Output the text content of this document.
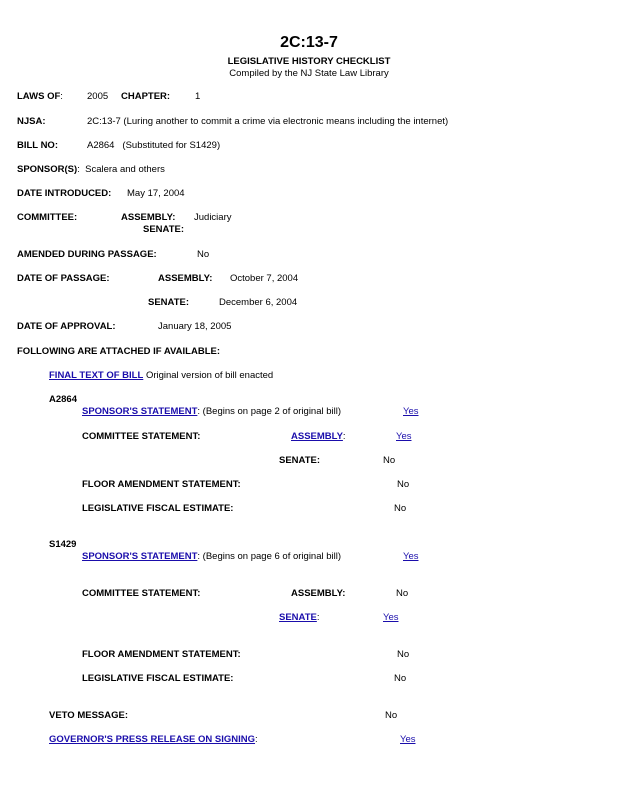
2C:13-7
LEGISLATIVE HISTORY CHECKLIST
Compiled by the NJ State Law Library
LAWS OF:	2005 CHAPTER:	1
NJSA:	2C:13-7 (Luring another to commit a crime via electronic means including the internet)
BILL NO:	A2864 (Substituted for S1429)
SPONSOR(S):  Scalera and others
DATE INTRODUCED: May 17, 2004
COMMITTEE:	ASSEMBLY: Judiciary
SENATE:
AMENDED DURING PASSAGE:	No
DATE OF PASSAGE:	ASSEMBLY: October 7, 2004
SENATE:	December 6, 2004
DATE OF APPROVAL:	January 18, 2005
FOLLOWING ARE ATTACHED IF AVAILABLE:
FINAL TEXT OF BILL Original version of bill enacted
A2864
SPONSOR'S STATEMENT: (Begins on page 2 of original bill)	Yes
COMMITTEE STATEMENT:	ASSEMBLY:	Yes
SENATE:	No
FLOOR AMENDMENT STATEMENT:	No
LEGISLATIVE FISCAL ESTIMATE:	No
S1429
SPONSOR'S STATEMENT: (Begins on page 6 of original bill)	Yes
COMMITTEE STATEMENT:	ASSEMBLY:	No
SENATE:	Yes
FLOOR AMENDMENT STATEMENT:	No
LEGISLATIVE FISCAL ESTIMATE:	No
VETO MESSAGE:	No
GOVERNOR'S PRESS RELEASE ON SIGNING:	Yes
